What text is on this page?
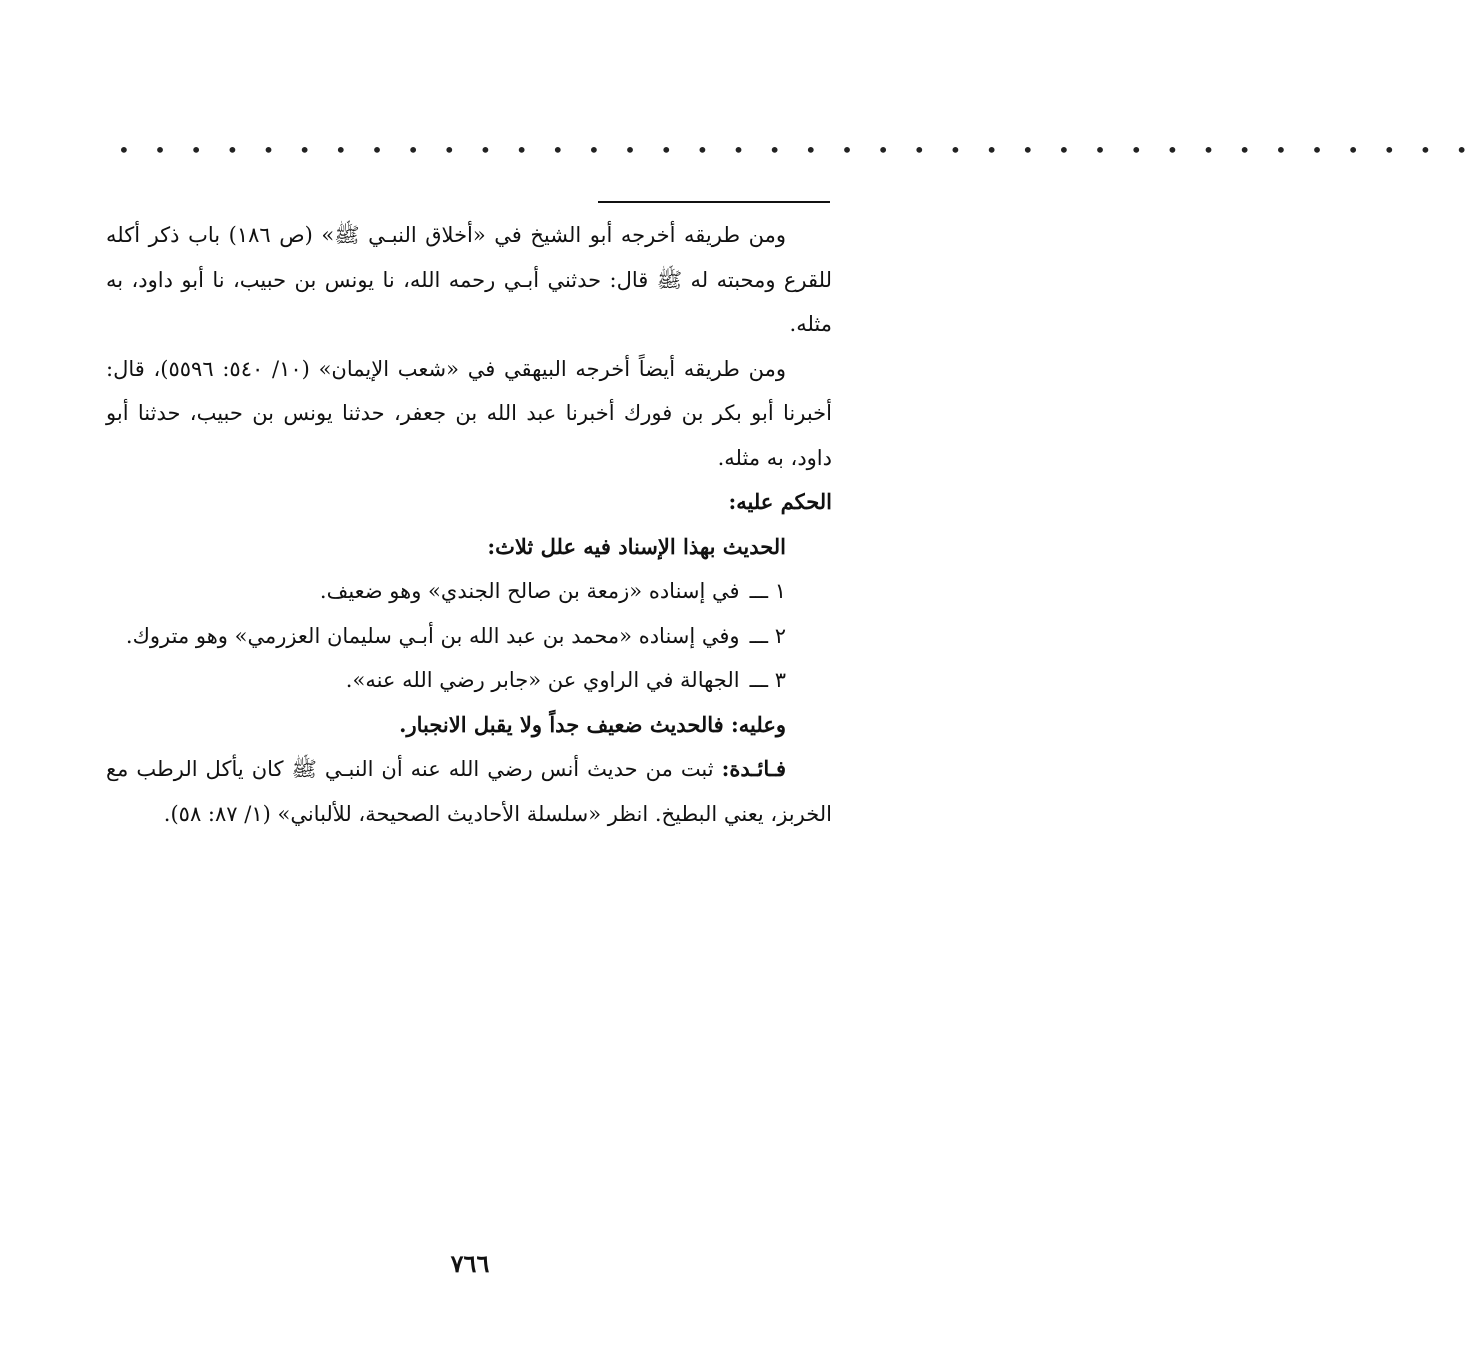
• • • • • • • • • • • • • • • • • • • • • • • • • • • • • • • • • • • • • •

ومن طريقه أخرجه أبو الشيخ في «أخلاق النبـي ﷺ» (ص ١٨٦) باب ذكر أكله للقرع ومحبته له ﷺ قال: حدثني أبـي رحمه الله، نا يونس بن حبيب، نا أبو داود، به مثله.

ومن طريقه أيضاً أخرجه البيهقي في «شعب الإيمان» (١٠/ ٥٤٠: ٥٥٩٦)، قال: أخبرنا أبو بكر بن فورك أخبرنا عبد الله بن جعفر، حدثنا يونس بن حبيب، حدثنا أبو داود، به مثله.

الحكم عليه:

الحديث بهذا الإسناد فيه علل ثلاث:

١ ـــفي إسناده «زمعة بن صالح الجندي» وهو ضعيف.

٢ ـــوفي إسناده «محمد بن عبد الله بن أبـي سليمان العزرمي» وهو متروك.

٣ ـــالجهالة في الراوي عن «جابر رضي الله عنه».

وعليه: فالحديث ضعيف جداً ولا يقبل الانجبار.

فـائـدة: ثبت من حديث أنس رضي الله عنه أن النبـي ﷺ كان يأكل الرطب مع الخربز، يعني البطيخ. انظر «سلسلة الأحاديث الصحيحة، للألباني» (١/ ٨٧: ٥٨).

٧٦٦
